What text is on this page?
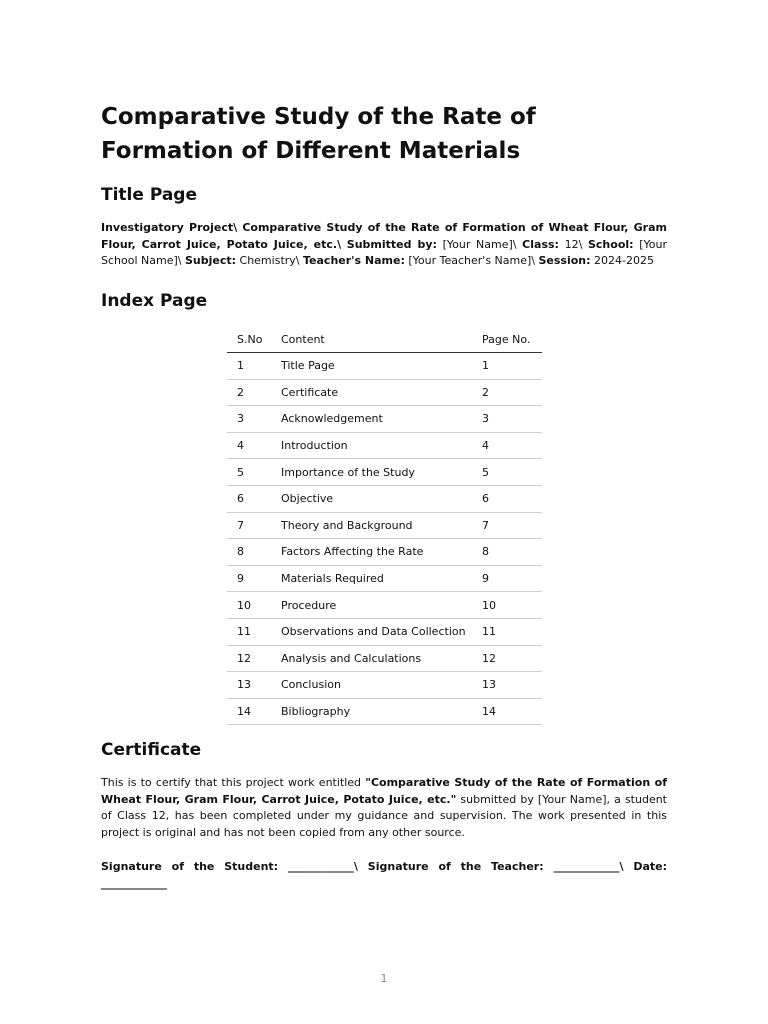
Comparative Study of the Rate of Formation of Different Materials
Title Page

Investigatory Project\ Comparative Study of the Rate of Formation of Wheat Flour, Gram Flour, Carrot Juice, Potato Juice, etc.\ Submitted by: [Your Name]\ Class: 12\ School: [Your School Name]\ Subject: Chemistry\ Teacher's Name: [Your Teacher's Name]\ Session: 2024-2025

Index Page
S.No	Content	Page No.
1	Title Page	1
2	Certificate	2
3	Acknowledgement	3
4	Introduction	4
5	Importance of the Study	5
6	Objective	6
7	Theory and Background	7
8	Factors Affecting the Rate	8
9	Materials Required	9
10	Procedure	10
11	Observations and Data Collection	11
12	Analysis and Calculations	12
13	Conclusion	13
14	Bibliography	14
Certificate

This is to certify that this project work entitled "Comparative Study of the Rate of Formation of Wheat Flour, Gram Flour, Carrot Juice, Potato Juice, etc." submitted by [Your Name], a student of Class 12, has been completed under my guidance and supervision. The work presented in this project is original and has not been copied from any other source.

Signature of the Student: ____________\ Signature of the Teacher: ____________\ Date: ____________

1
